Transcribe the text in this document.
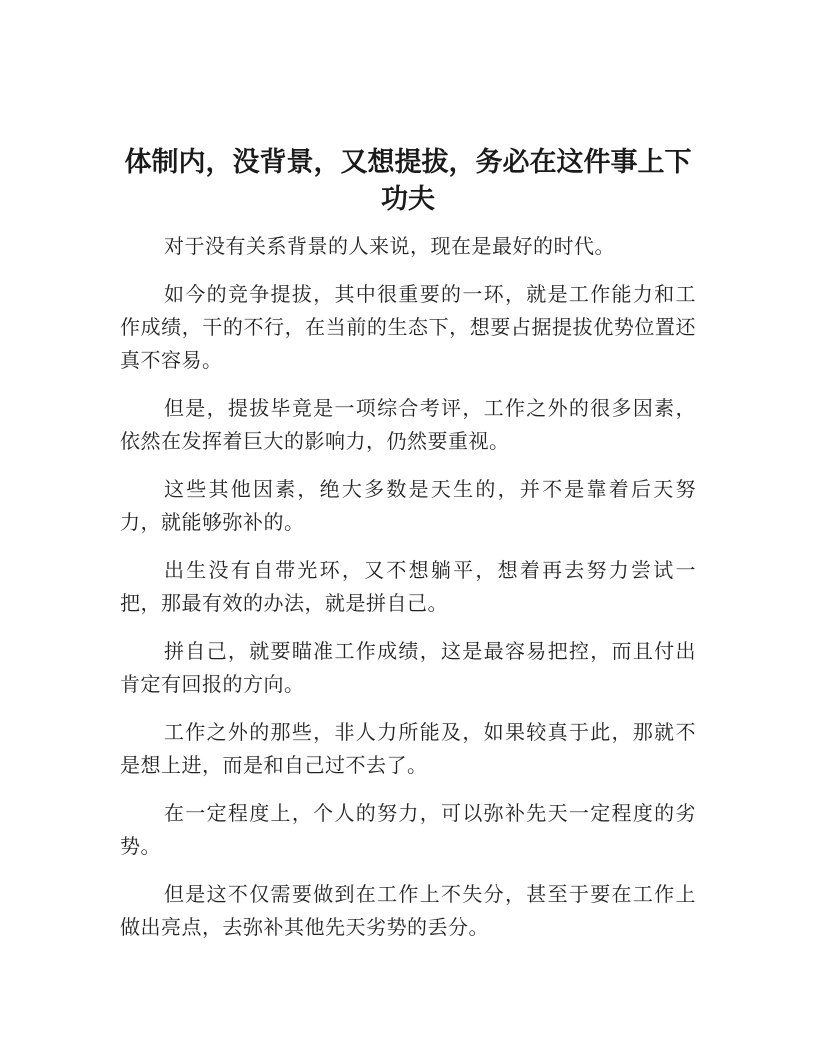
体制内，没背景，又想提拔，务必在这件事上下功夫

对于没有关系背景的人来说，现在是最好的时代。

如今的竞争提拔，其中很重要的一环，就是工作能力和工作成绩，干的不行，在当前的生态下，想要占据提拔优势位置还真不容易。

但是，提拔毕竟是一项综合考评，工作之外的很多因素，依然在发挥着巨大的影响力，仍然要重视。

这些其他因素，绝大多数是天生的，并不是靠着后天努力，就能够弥补的。

出生没有自带光环，又不想躺平，想着再去努力尝试一把，那最有效的办法，就是拼自己。

拼自己，就要瞄准工作成绩，这是最容易把控，而且付出肯定有回报的方向。

工作之外的那些，非人力所能及，如果较真于此，那就不是想上进，而是和自己过不去了。

在一定程度上，个人的努力，可以弥补先天一定程度的劣势。

但是这不仅需要做到在工作上不失分，甚至于要在工作上做出亮点，去弥补其他先天劣势的丢分。
